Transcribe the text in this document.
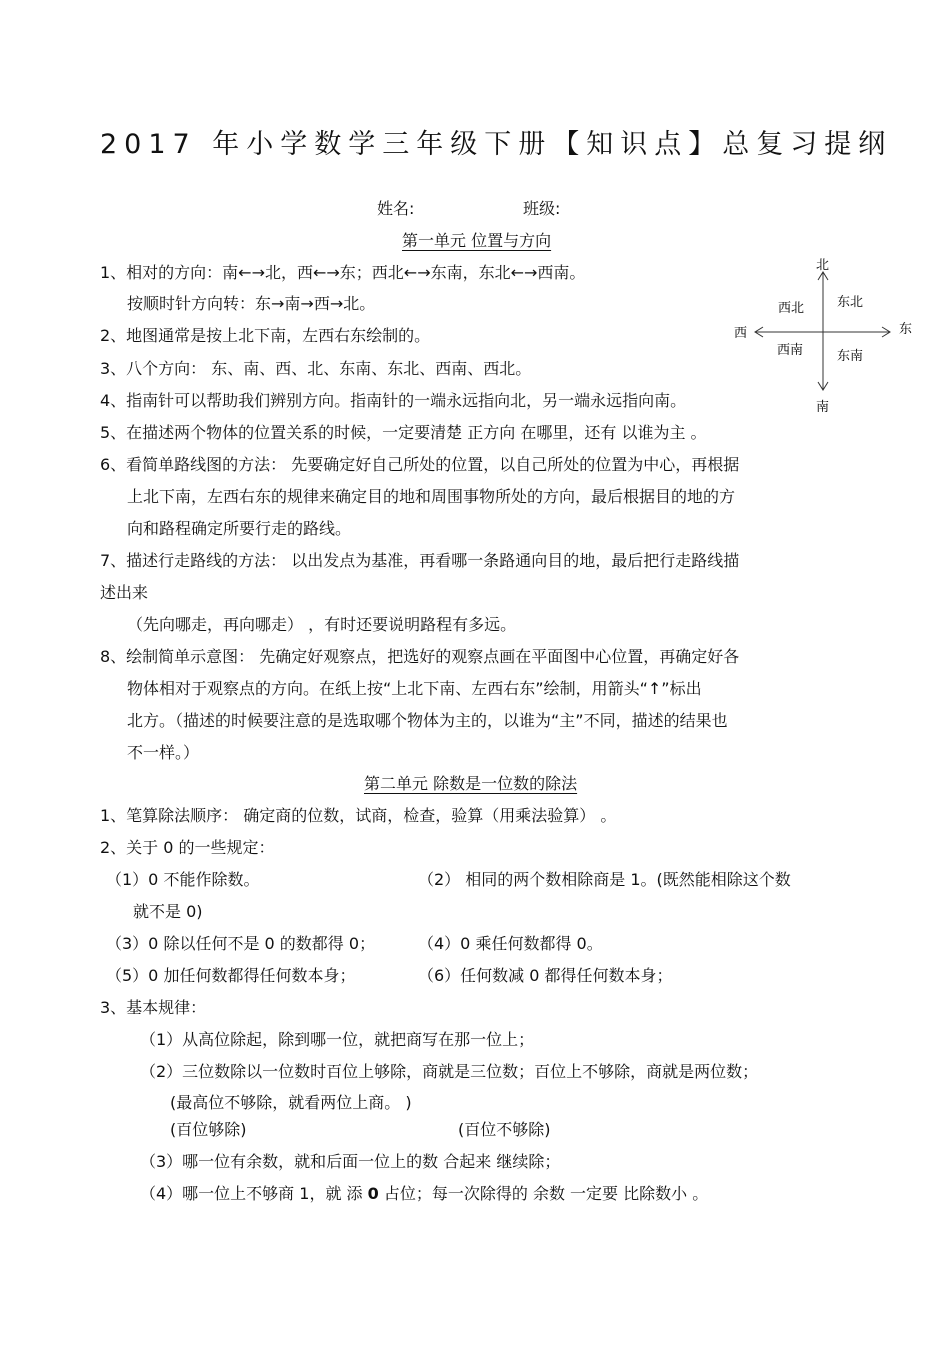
2017 年小学数学三年级下册【知识点】总复习提纲
姓名:	班级:
第一单元 位置与方向
1、相对的方向：南←→北，西←→东；西北←→东南，东北←→西南。
按顺时针方向转：东→南→西→北。
2、地图通常是按上北下南，左西右东绘制的。
3、八个方向： 东、南、西、北、东南、东北、西南、西北。
4、指南针可以帮助我们辨别方向。指南针的一端永远指向北，另一端永远指向南。
5、在描述两个物体的位置关系的时候，一定要清楚 正方向 在哪里，还有 以谁为主 。
6、看简单路线图的方法： 先要确定好自己所处的位置，以自己所处的位置为中心，再根据
上北下南，左西右东的规律来确定目的地和周围事物所处的方向，最后根据目的地的方
向和路程确定所要行走的路线。
7、描述行走路线的方法： 以出发点为基准，再看哪一条路通向目的地，最后把行走路线描
述出来
（先向哪走，再向哪走） ，有时还要说明路程有多远。
8、绘制简单示意图： 先确定好观察点，把选好的观察点画在平面图中心位置，再确定好各
物体相对于观察点的方向。在纸上按“上北下南、左西右东”绘制，用箭头“↑”标出
北方。（描述的时候要注意的是选取哪个物体为主的，以谁为“主”不同，描述的结果也
不一样。）
北
南
西	东
西北	东北
西南	东南
第二单元 除数是一位数的除法
1、笔算除法顺序： 确定商的位数，试商，检查，验算（用乘法验算） 。
2、关于 0 的一些规定：
（1）0 不能作除数。	（2） 相同的两个数相除商是 1。(既然能相除这个数
就不是 0)
（3）0 除以任何不是 0 的数都得 0；	（4）0 乘任何数都得 0。
（5）0 加任何数都得任何数本身；	（6）任何数减 0 都得任何数本身；
3、基本规律：
（1）从高位除起，除到哪一位，就把商写在那一位上；
（2）三位数除以一位数时百位上够除，商就是三位数；百位上不够除，商就是两位数；
(最高位不够除，就看两位上商。 )
(百位够除)	(百位不够除)
（3）哪一位有余数，就和后面一位上的数 合起来 继续除；
（4）哪一位上不够商 1，就 添 0 占位；每一次除得的 余数 一定要 比除数小 。
